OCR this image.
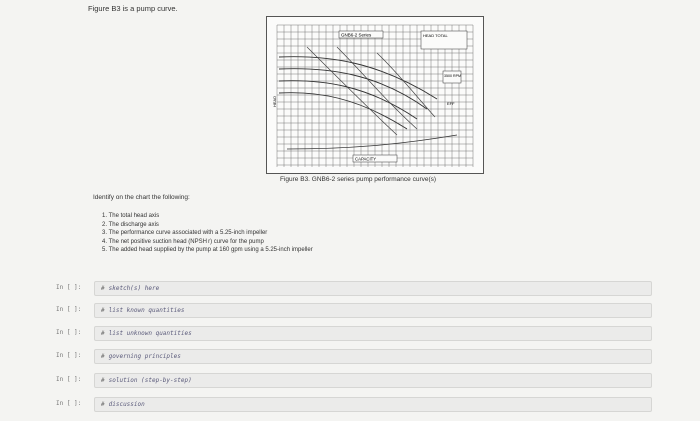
Figure B3 is a pump curve.
GNB6-2 Series	HEAD TOTAL
3500 RPM
CAPACITY
HEAD	EFF
Figure B3. GNB6-2 series pump performance curve(s)
Identify on the chart the following:
1. The total head axis
2. The discharge axis
3. The performance curve associated with a 5.25-inch impeller
4. The net positive suction head (NPSH r) curve for the pump
5. The added head supplied by the pump at 160 gpm using a 5.25-inch impeller
In [ ]:	# sketch(s) here
In [ ]:	# list known quantities
In [ ]:	# list unknown quantities
In [ ]:	# governing principles
In [ ]:	# solution (step-by-step)
In [ ]:	# discussion
